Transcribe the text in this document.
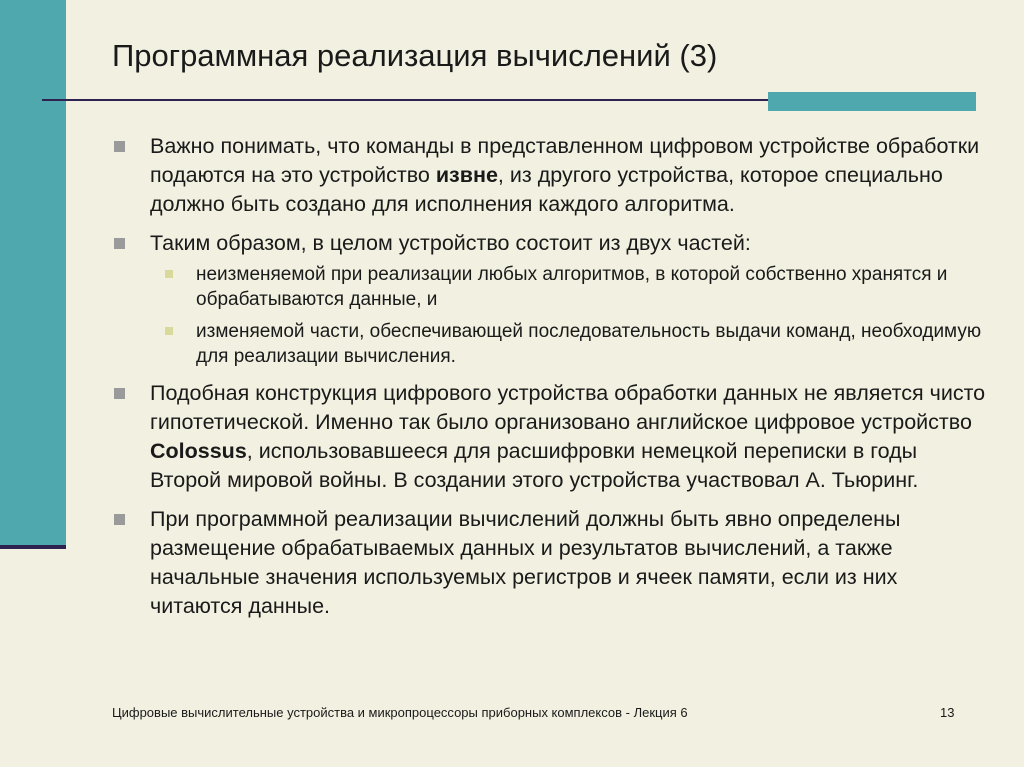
Программная реализация вычислений (3)
Важно понимать, что команды в представленном цифровом устройстве обработки подаются на это устройство извне, из другого устройства, которое специально должно быть создано для исполнения каждого алгоритма.
Таким образом, в целом устройство состоит из двух частей:
неизменяемой при реализации любых алгоритмов, в которой собственно хранятся и обрабатываются данные, и
изменяемой части, обеспечивающей последовательность выдачи команд, необходимую для реализации вычисления.
Подобная конструкция цифрового устройства обработки данных не является чисто гипотетической. Именно так было организовано английское цифровое устройство Colossus, использовавшееся для расшифровки немецкой переписки в годы Второй мировой войны. В создании этого устройства участвовал А. Тьюринг.
При программной реализации вычислений должны быть явно определены размещение обрабатываемых данных и результатов вычислений, а также начальные значения используемых регистров и ячеек памяти, если из них читаются данные.
Цифровые вычислительные устройства и микропроцессоры приборных комплексов - Лекция 6	13
